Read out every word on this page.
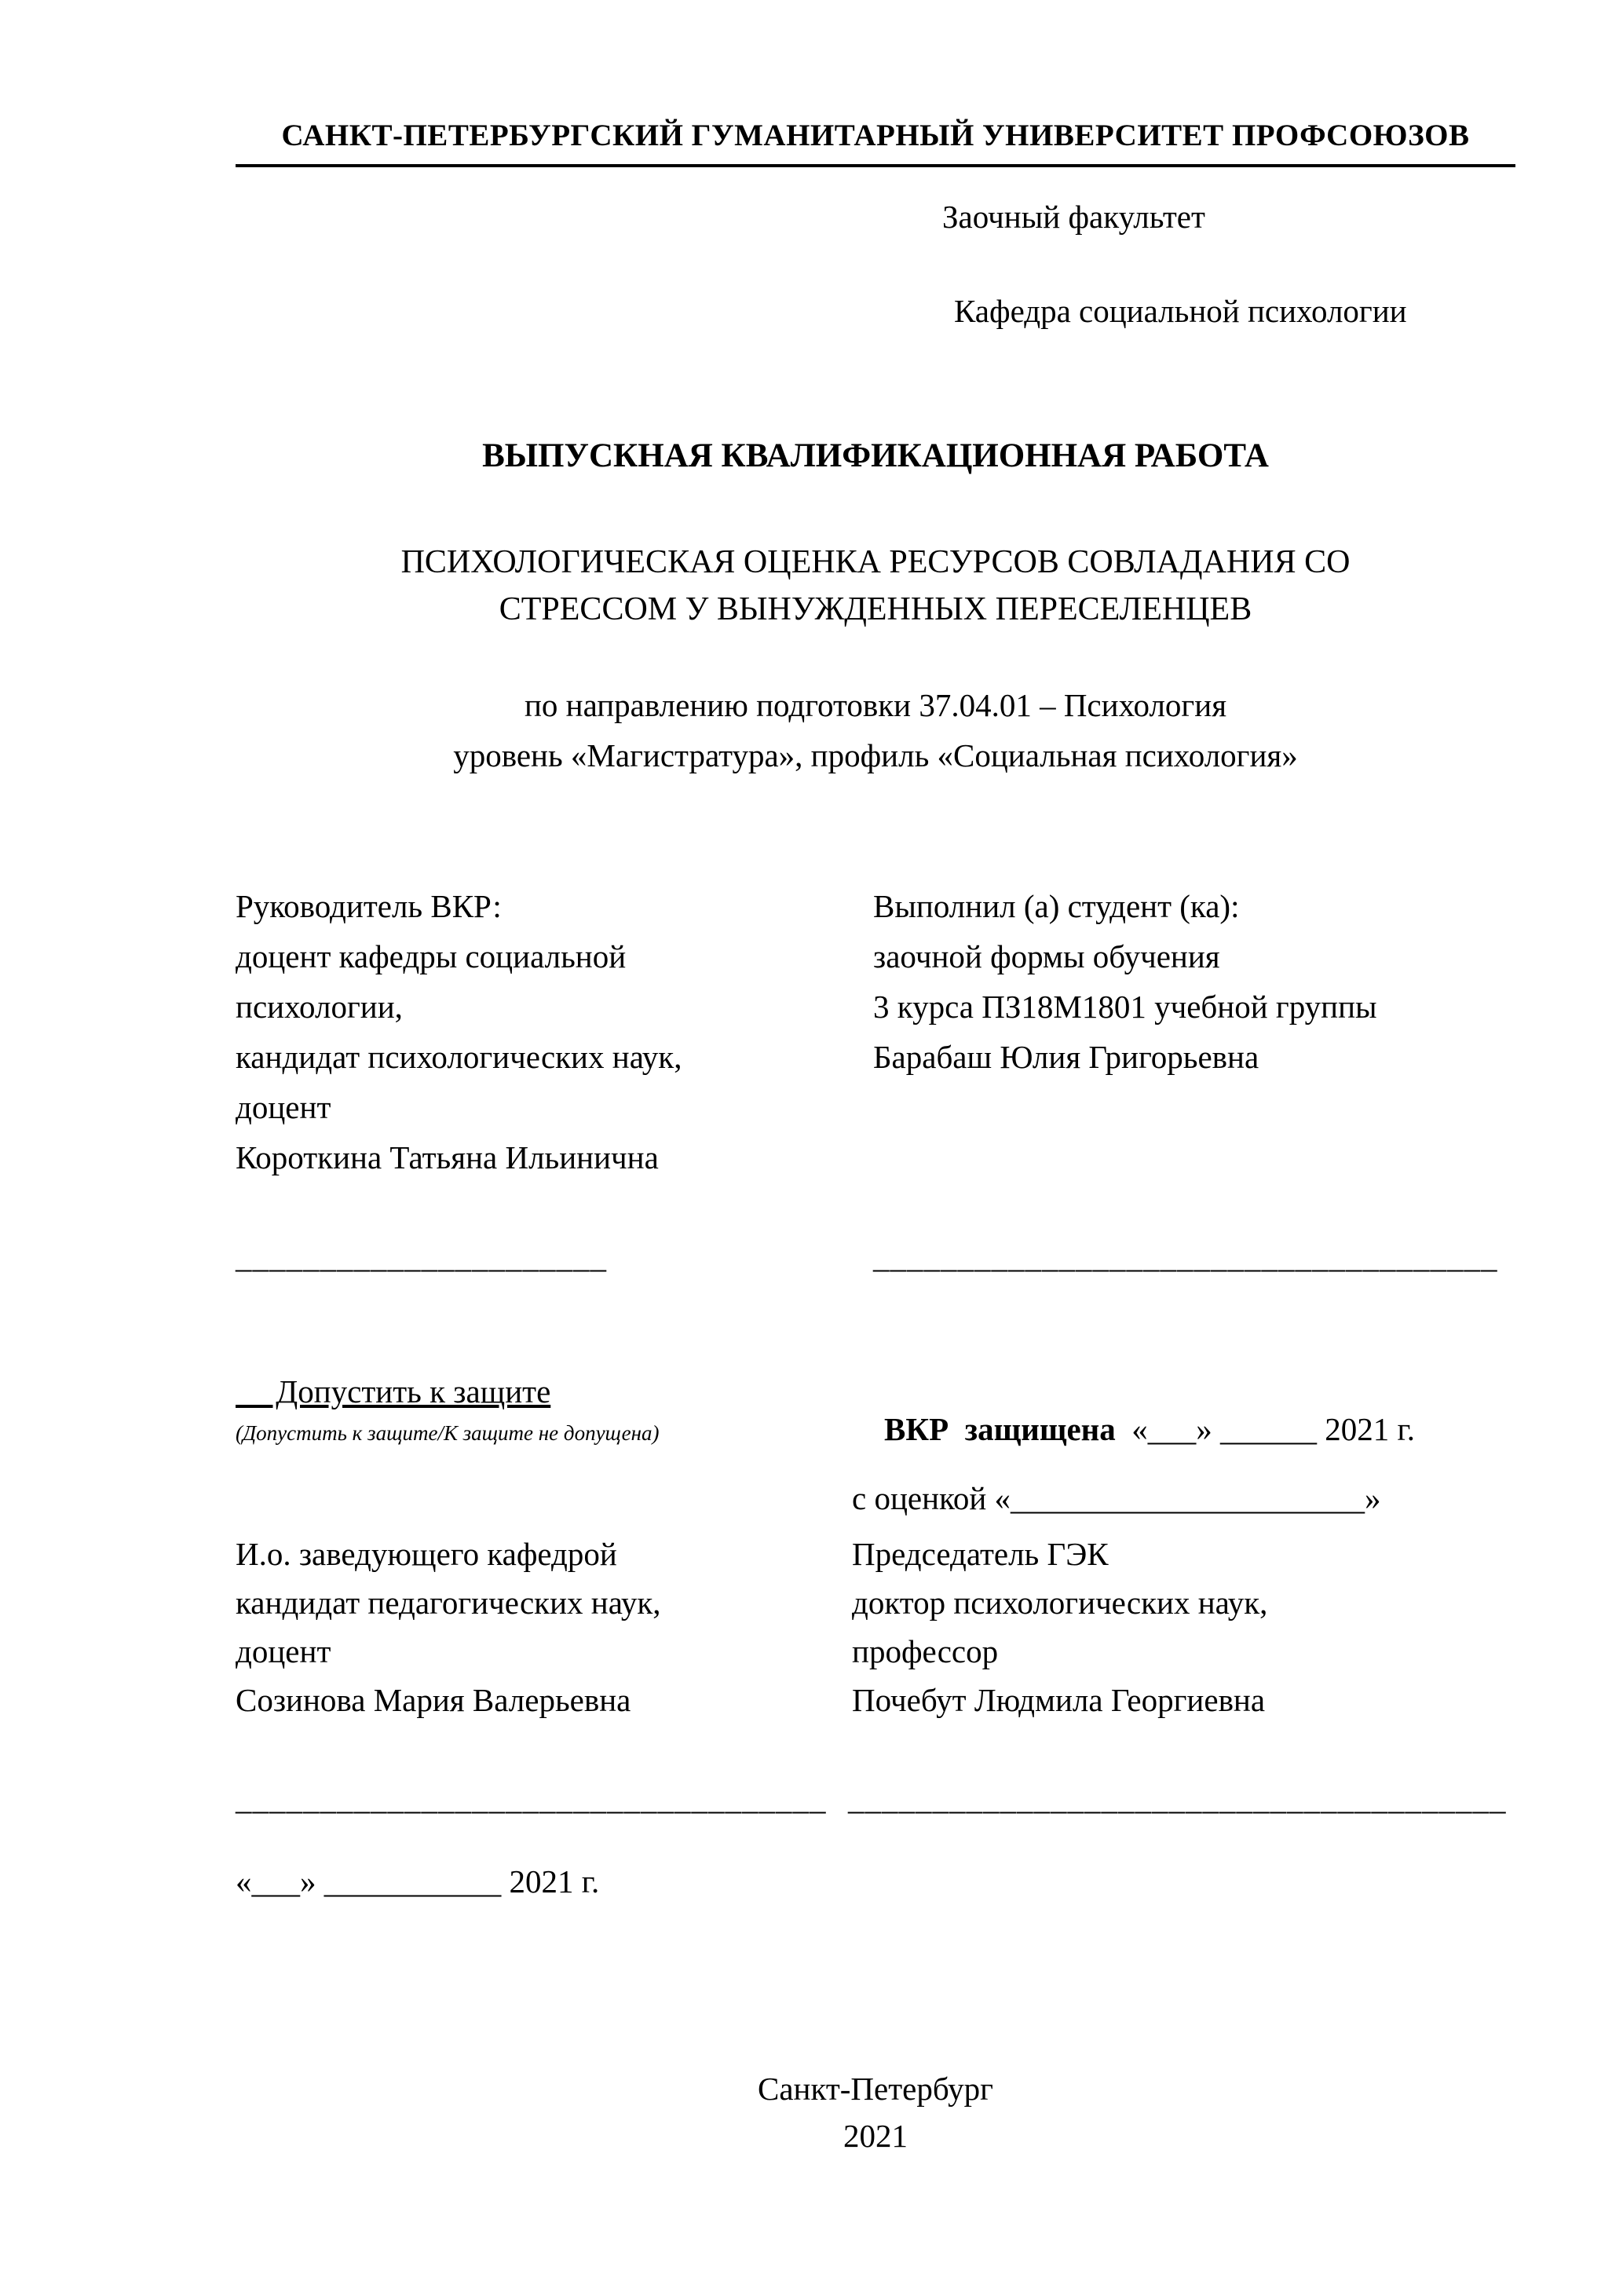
САНКТ-ПЕТЕРБУРГСКИЙ ГУМАНИТАРНЫЙ УНИВЕРСИТЕТ ПРОФСОЮЗОВ
Заочный факультет
Кафедра социальной психологии
ВЫПУСКНАЯ КВАЛИФИКАЦИОННАЯ РАБОТА
ПСИХОЛОГИЧЕСКАЯ ОЦЕНКА РЕСУРСОВ СОВЛАДАНИЯ СО
СТРЕССОМ У ВЫНУЖДЕННЫХ ПЕРЕСЕЛЕНЦЕВ
по направлению подготовки 37.04.01 – Психология
уровень «Магистратура», профиль «Социальная психология»
Руководитель ВКР:
доцент кафедры социальной
психологии,
кандидат психологических наук,
доцент
Короткина Татьяна Ильинична
Выполнил (а) студент (ка):
заочной формы обучения
3 курса ПЗ18М1801 учебной группы
Барабаш Юлия Григорьевна
______________________	_____________________________________
Допустить к защите
(Допустить к защите/К защите не допущена)	ВКР  защищена  «___» ______ 2021 г.

с оценкой «______________________»
И.о. заведующего кафедрой
кандидат педагогических наук,
доцент
Созинова Мария Валерьевна
Председатель ГЭК
доктор психологических наук,
профессор
Почебут Людмила Георгиевна
___________________________________ _______________________________________
«___» ___________ 2021 г.
Санкт-Петербург
2021
